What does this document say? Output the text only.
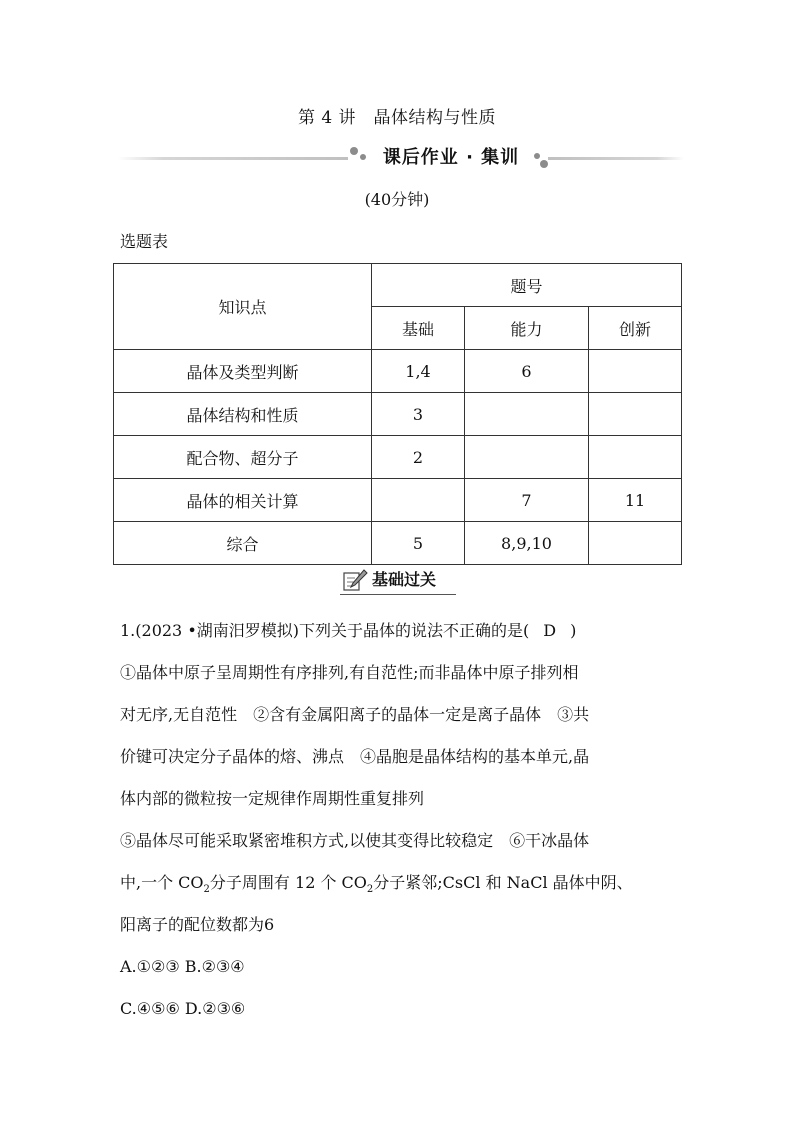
第 4 讲　晶体结构与性质
课后作业 · 集训
(40分钟)
选题表
知识点	题号		
	基础	能力	创新
晶体及类型判断	1,4	6	
晶体结构和性质	3		
配合物、超分子	2		
晶体的相关计算		7	11
综合	5	8,9,10	
基础过关

1.(2023 •湖南汨罗模拟)下列关于晶体的说法不正确的是( D )

①晶体中原子呈周期性有序排列,有自范性;而非晶体中原子排列相

对无序,无自范性　②含有金属阳离子的晶体一定是离子晶体　③共

价键可决定分子晶体的熔、沸点　④晶胞是晶体结构的基本单元,晶

体内部的微粒按一定规律作周期性重复排列

⑤晶体尽可能采取紧密堆积方式,以使其变得比较稳定　⑥干冰晶体

中,一个 $CO_2$分子周围有 12 个 $CO_2$分子紧邻;CsCl 和 NaCl 晶体中阴、

阳离子的配位数都为6

A.①②③ B.②③④

C.④⑤⑥ D.②③⑥
